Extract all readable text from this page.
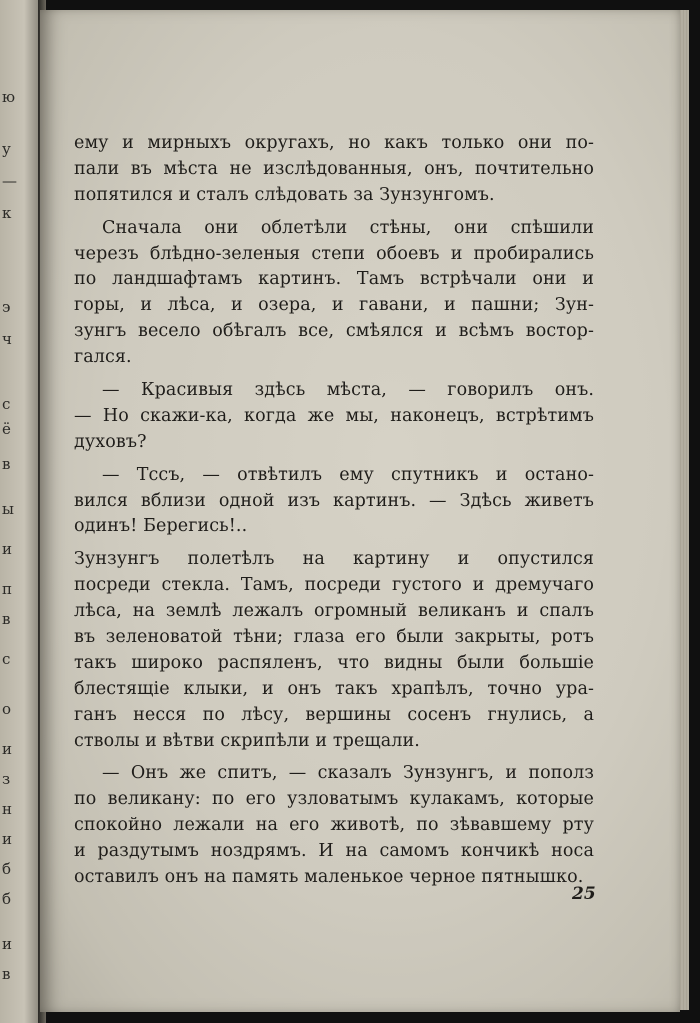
ю
у
—
к
э
ч
с
ё
в
ы
и
п
в
с
о
и
з
н
и
б
б
и
в
ему и мирныхъ округахъ, но какъ только они по-
пали въ мѣста не изслѣдованныя, онъ, почтительно
попятился и сталъ слѣдовать за Зунзунгомъ.
Сначала они облетѣли стѣны, они спѣшили
черезъ блѣдно-зеленыя степи обоевъ и пробирались
по ландшафтамъ картинъ. Тамъ встрѣчали они и
горы, и лѣса, и озера, и гавани, и пашни; Зун-
зунгъ весело обѣгалъ все, смѣялся и всѣмъ востор-
гался.
— Красивыя здѣсь мѣста, — говорилъ онъ.
— Но скажи-ка, когда же мы, наконецъ, встрѣтимъ
духовъ?
— Тссъ, — отвѣтилъ ему спутникъ и остано-
вился вблизи одной изъ картинъ. — Здѣсь живетъ
одинъ! Берегись!..
Зунзунгъ полетѣлъ на картину и опустился
посреди стекла. Тамъ, посреди густого и дремучаго
лѣса, на землѣ лежалъ огромный великанъ и спалъ
въ зеленоватой тѣни; глаза его были закрыты, ротъ
такъ широко распяленъ, что видны были большiе
блестящiе клыки, и онъ такъ храпѣлъ, точно ура-
ганъ несся по лѣсу, вершины сосенъ гнулись, а
стволы и вѣтви скрипѣли и трещали.
— Онъ же спитъ, — сказалъ Зунзунгъ, и пополз
по великану: по его узловатымъ кулакамъ, которые
спокойно лежали на его животѣ, по зѣвавшему рту
и раздутымъ ноздрямъ. И на самомъ кончикѣ носа
оставилъ онъ на память маленькое черное пятнышко.
25
